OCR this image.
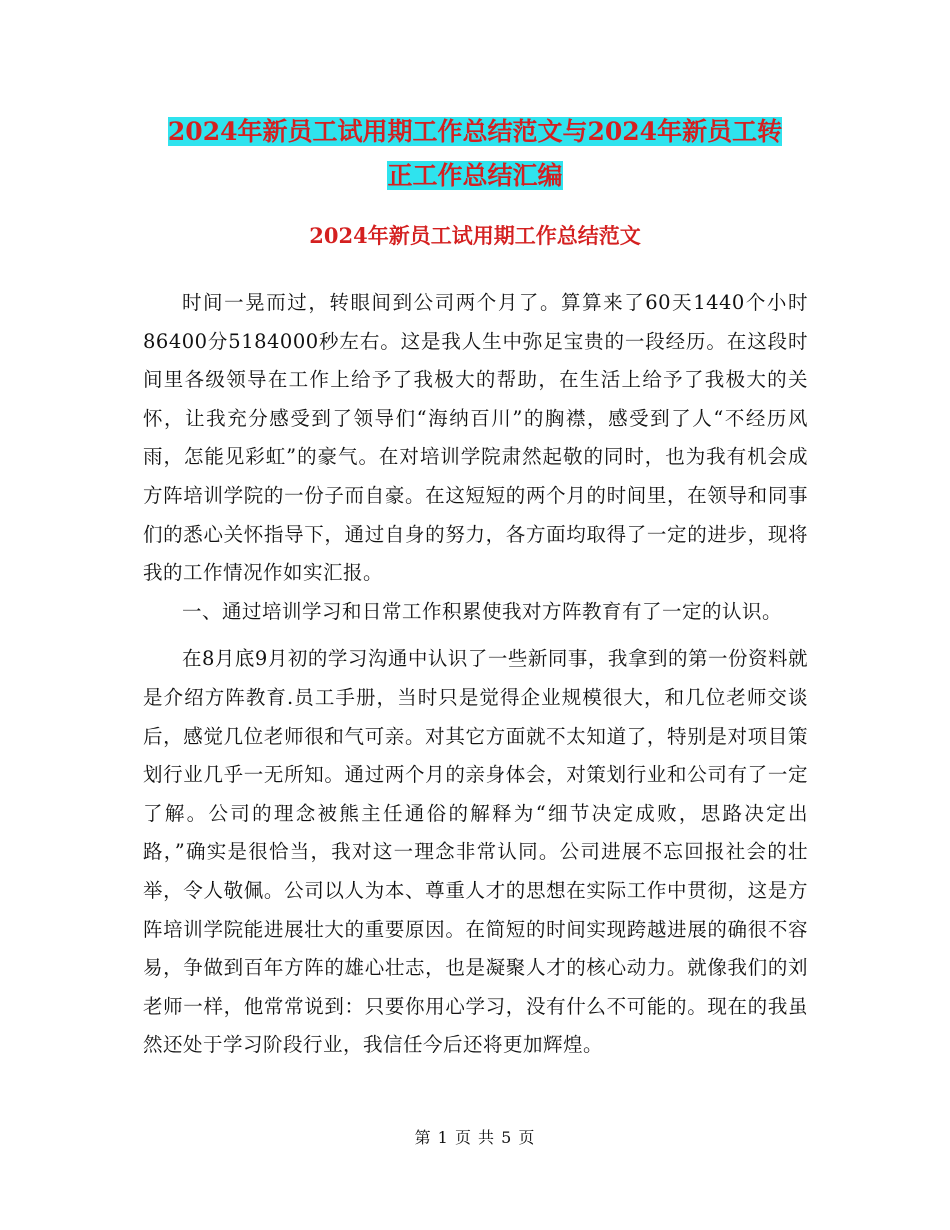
2024年新员工试用期工作总结范文与2024年新员工转
正工作总结汇编
2024年新员工试用期工作总结范文

时间一晃而过，转眼间到公司两个月了。算算来了60天1440个小时86400分5184000秒左右。这是我人生中弥足宝贵的一段经历。在这段时间里各级领导在工作上给予了我极大的帮助，在生活上给予了我极大的关怀，让我充分感受到了领导们“海纳百川”的胸襟，感受到了人“不经历风雨，怎能见彩虹”的豪气。在对培训学院肃然起敬的同时，也为我有机会成方阵培训学院的一份子而自豪。在这短短的两个月的时间里，在领导和同事们的悉心关怀指导下，通过自身的努力，各方面均取得了一定的进步，现将我的工作情况作如实汇报。

一、通过培训学习和日常工作积累使我对方阵教育有了一定的认识。

在8月底9月初的学习沟通中认识了一些新同事，我拿到的第一份资料就是介绍方阵教育.员工手册，当时只是觉得企业规模很大，和几位老师交谈后，感觉几位老师很和气可亲。对其它方面就不太知道了，特别是对项目策划行业几乎一无所知。通过两个月的亲身体会，对策划行业和公司有了一定了解。公司的理念被熊主任通俗的解释为“细节决定成败，思路决定出路，”确实是很恰当，我对这一理念非常认同。公司进展不忘回报社会的壮举，令人敬佩。公司以人为本、尊重人才的思想在实际工作中贯彻，这是方阵培训学院能进展壮大的重要原因。在简短的时间实现跨越进展的确很不容易，争做到百年方阵的雄心壮志，也是凝聚人才的核心动力。就像我们的刘老师一样，他常常说到：只要你用心学习，没有什么不可能的。现在的我虽然还处于学习阶段行业，我信任今后还将更加辉煌。

第 1 页 共 5 页
